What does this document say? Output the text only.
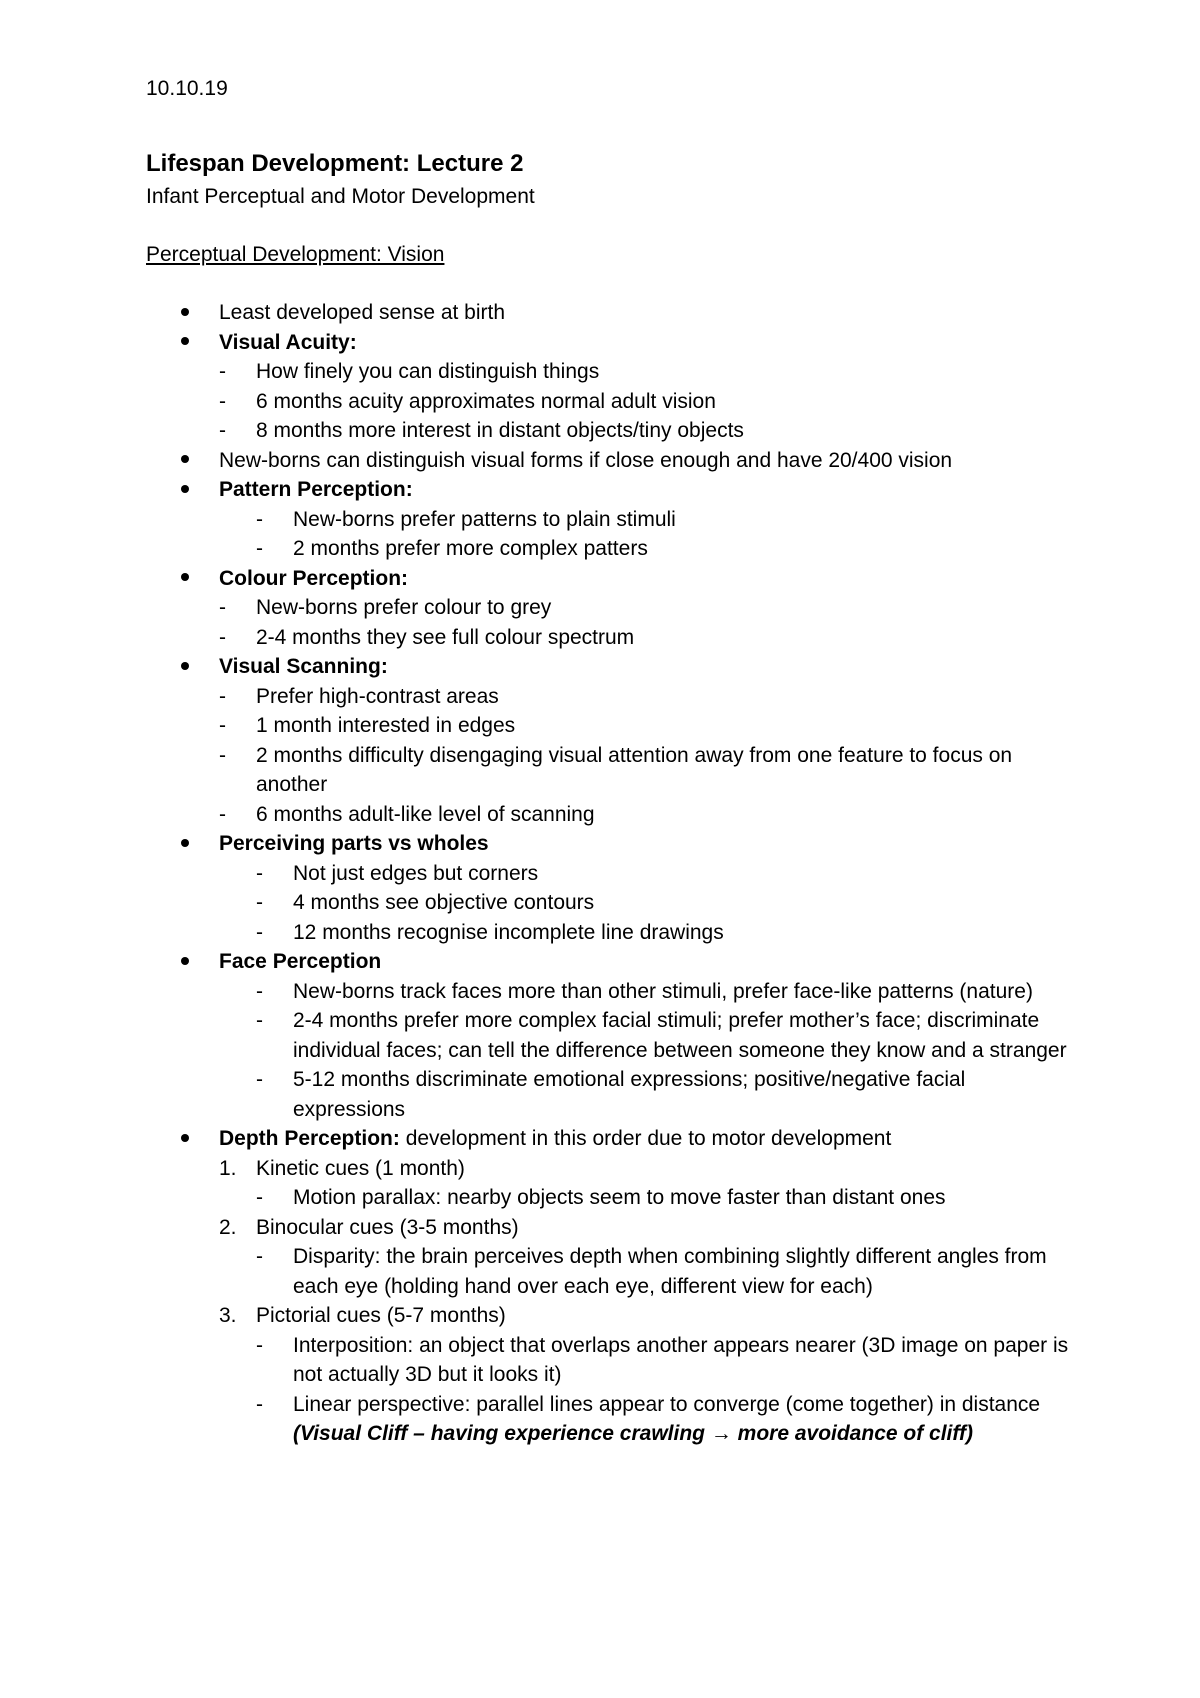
10.10.19
Lifespan Development: Lecture 2
Infant Perceptual and Motor Development
Perceptual Development: Vision
Least developed sense at birth
Visual Acuity:
- How finely you can distinguish things
- 6 months acuity approximates normal adult vision
- 8 months more interest in distant objects/tiny objects
New-borns can distinguish visual forms if close enough and have 20/400 vision
Pattern Perception:
- New-borns prefer patterns to plain stimuli
- 2 months prefer more complex patters
Colour Perception:
- New-borns prefer colour to grey
- 2-4 months they see full colour spectrum
Visual Scanning:
- Prefer high-contrast areas
- 1 month interested in edges
- 2 months difficulty disengaging visual attention away from one feature to focus on another
- 6 months adult-like level of scanning
Perceiving parts vs wholes
- Not just edges but corners
- 4 months see objective contours
- 12 months recognise incomplete line drawings
Face Perception
- New-borns track faces more than other stimuli, prefer face-like patterns (nature)
- 2-4 months prefer more complex facial stimuli; prefer mother’s face; discriminate individual faces; can tell the difference between someone they know and a stranger
- 5-12 months discriminate emotional expressions; positive/negative facial expressions
Depth Perception: development in this order due to motor development
1. Kinetic cues (1 month)
- Motion parallax: nearby objects seem to move faster than distant ones
2. Binocular cues (3-5 months)
- Disparity: the brain perceives depth when combining slightly different angles from each eye (holding hand over each eye, different view for each)
3. Pictorial cues (5-7 months)
- Interposition: an object that overlaps another appears nearer (3D image on paper is not actually 3D but it looks it)
- Linear perspective: parallel lines appear to converge (come together) in distance
(Visual Cliff – having experience crawling → more avoidance of cliff)
